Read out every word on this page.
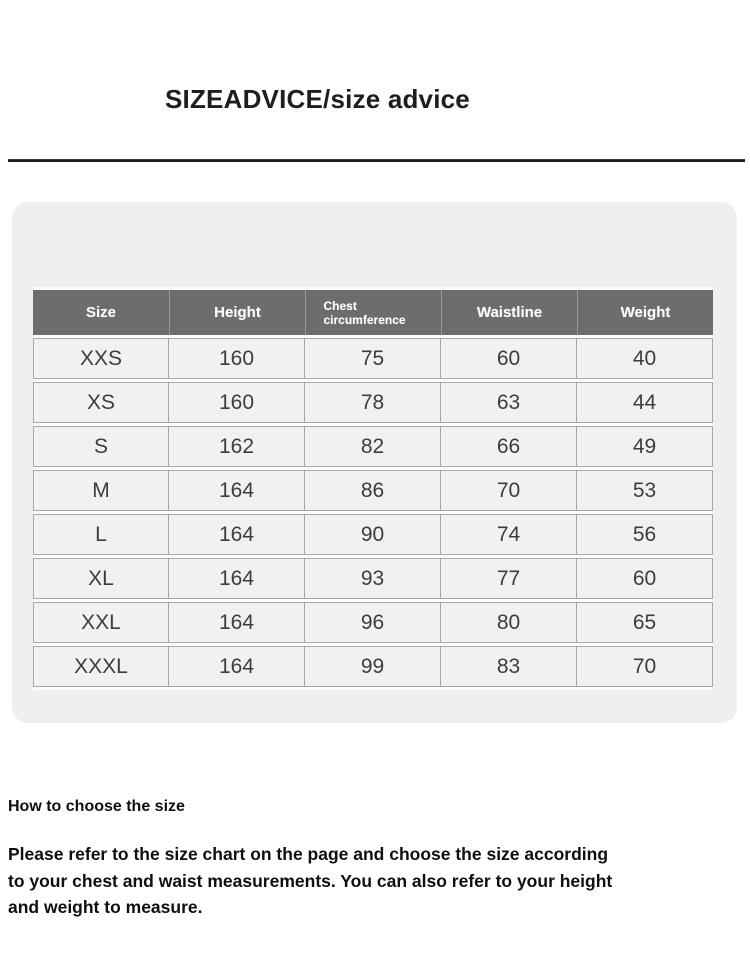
SIZEADVICE/size advice
Size	Height	Chest circumference	Waistline	Weight
XXS	160	75	60	40
XS	160	78	63	44
S	162	82	66	49
M	164	86	70	53
L	164	90	74	56
XL	164	93	77	60
XXL	164	96	80	65
XXXL	164	99	83	70
How to choose the size

Please refer to the size chart on the page and choose the size according
to your chest and waist measurements. You can also refer to your height
and weight to measure.
